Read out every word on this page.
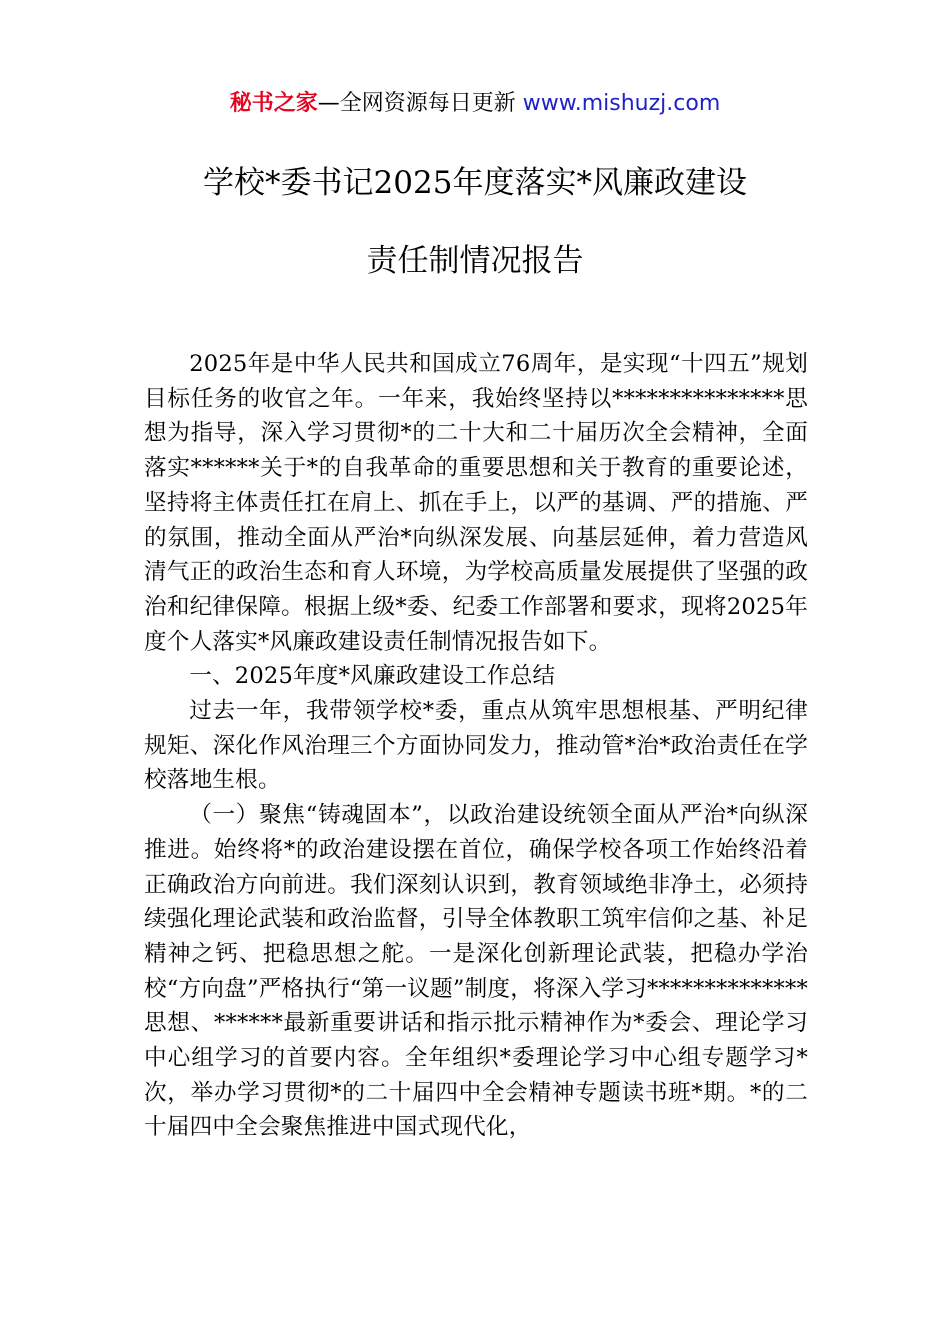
秘书之家—全网资源每日更新 www.mishuzj.com
学校*委书记2025年度落实*风廉政建设
责任制情况报告

2025年是中华人民共和国成立76周年，是实现“十四五”规划目标任务的收官之年。一年来，我始终坚持以***************思想为指导，深入学习贯彻*的二十大和二十届历次全会精神，全面落实******关于*的自我革命的重要思想和关于教育的重要论述，坚持将主体责任扛在肩上、抓在手上，以严的基调、严的措施、严的氛围，推动全面从严治*向纵深发展、向基层延伸，着力营造风清气正的政治生态和育人环境，为学校高质量发展提供了坚强的政治和纪律保障。根据上级*委、纪委工作部署和要求，现将2025年度个人落实*风廉政建设责任制情况报告如下。

一、2025年度*风廉政建设工作总结

过去一年，我带领学校*委，重点从筑牢思想根基、严明纪律规矩、深化作风治理三个方面协同发力，推动管*治*政治责任在学校落地生根。

（一）聚焦“铸魂固本”，以政治建设统领全面从严治*向纵深推进。始终将*的政治建设摆在首位，确保学校各项工作始终沿着正确政治方向前进。我们深刻认识到，教育领域绝非净土，必须持续强化理论武装和政治监督，引导全体教职工筑牢信仰之基、补足精神之钙、把稳思想之舵。一是深化创新理论武装，把稳办学治校“方向盘”严格执行“第一议题”制度，将深入学习**************思想、******最新重要讲话和指示批示精神作为*委会、理论学习中心组学习的首要内容。全年组织*委理论学习中心组专题学习*次，举办学习贯彻*的二十届四中全会精神专题读书班*期。*的二十届四中全会聚焦推进中国式现代化，
